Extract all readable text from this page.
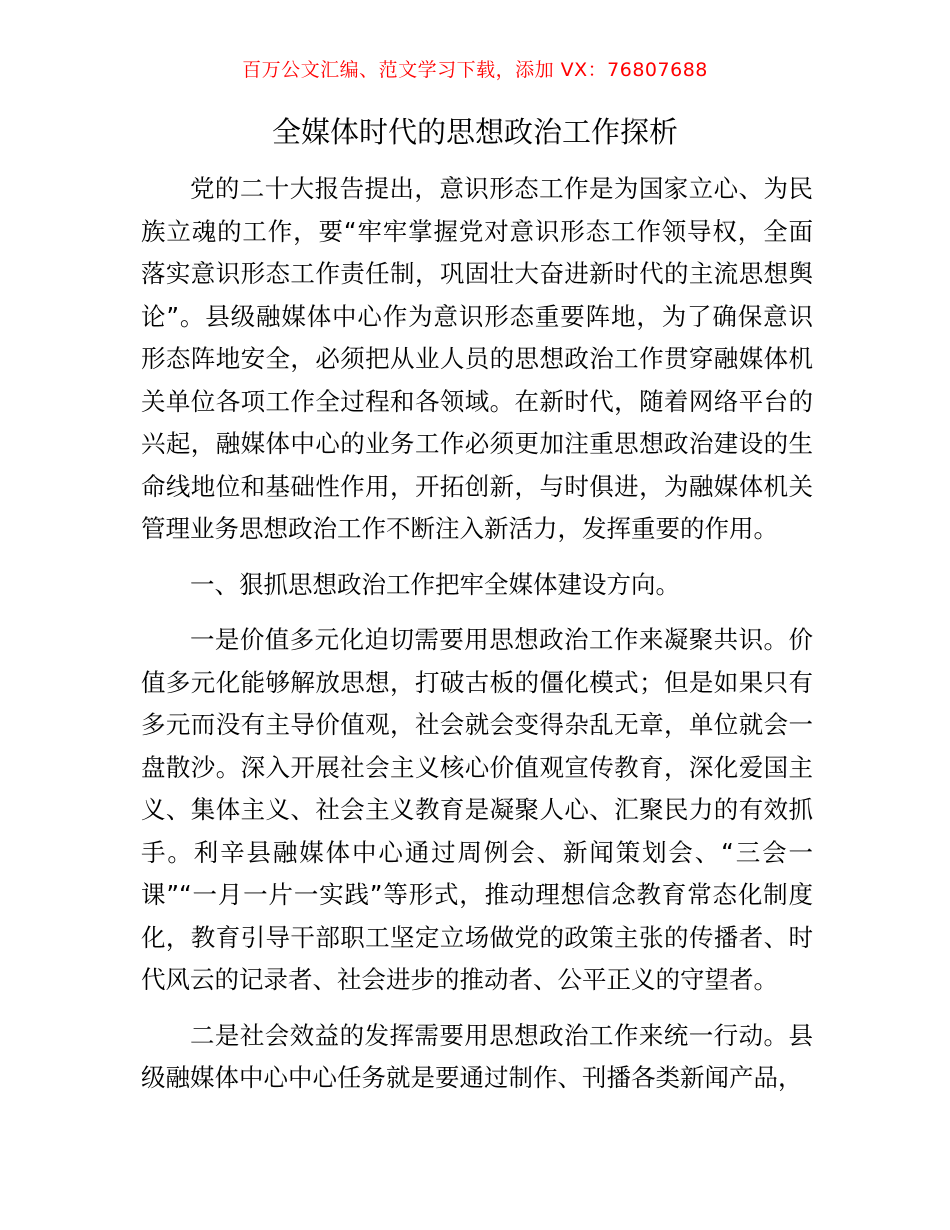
百万公文汇编、范文学习下载，添加 VX：76807688
全媒体时代的思想政治工作探析

党的二十大报告提出，意识形态工作是为国家立心、为民族立魂的工作，要“牢牢掌握党对意识形态工作领导权，全面落实意识形态工作责任制，巩固壮大奋进新时代的主流思想舆论”。县级融媒体中心作为意识形态重要阵地，为了确保意识形态阵地安全，必须把从业人员的思想政治工作贯穿融媒体机关单位各项工作全过程和各领域。在新时代，随着网络平台的兴起，融媒体中心的业务工作必须更加注重思想政治建设的生命线地位和基础性作用，开拓创新，与时俱进，为融媒体机关管理业务思想政治工作不断注入新活力，发挥重要的作用。

一、狠抓思想政治工作把牢全媒体建设方向。

一是价值多元化迫切需要用思想政治工作来凝聚共识。价值多元化能够解放思想，打破古板的僵化模式；但是如果只有多元而没有主导价值观，社会就会变得杂乱无章，单位就会一盘散沙。深入开展社会主义核心价值观宣传教育，深化爱国主义、集体主义、社会主义教育是凝聚人心、汇聚民力的有效抓手。利辛县融媒体中心通过周例会、新闻策划会、“三会一课”“一月一片一实践”等形式，推动理想信念教育常态化制度化，教育引导干部职工坚定立场做党的政策主张的传播者、时代风云的记录者、社会进步的推动者、公平正义的守望者。

二是社会效益的发挥需要用思想政治工作来统一行动。县级融媒体中心中心任务就是要通过制作、刊播各类新闻产品，
